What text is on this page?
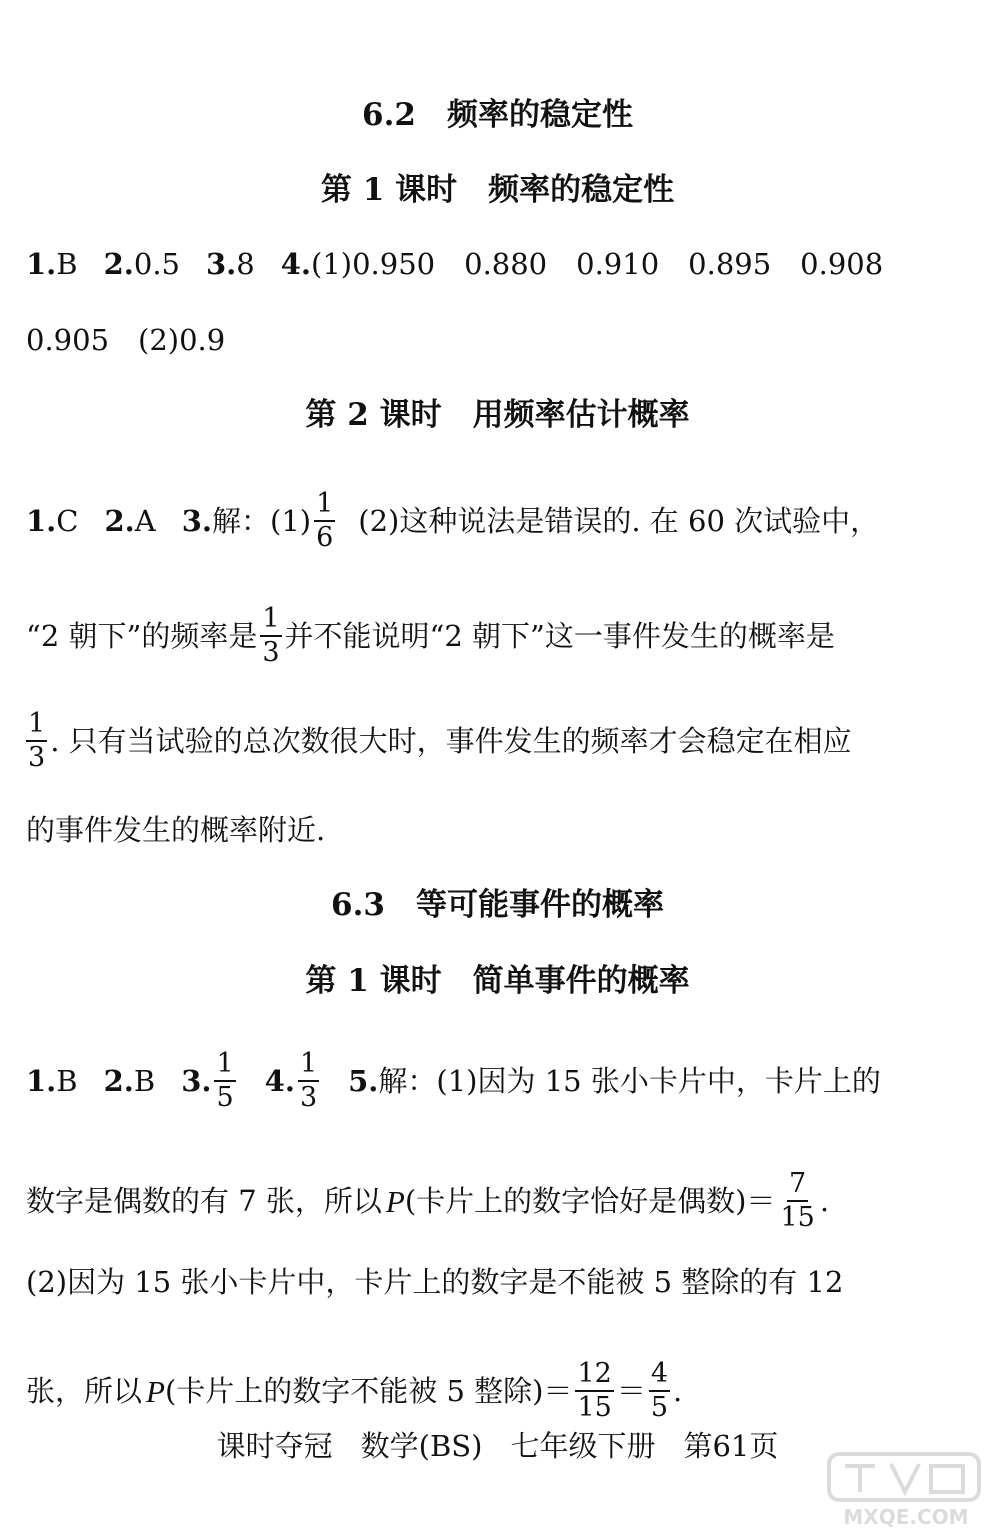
6.2　频率的稳定性
第 1 课时　频率的稳定性
1. B 2. 0.5 3. 8 4. (1)0.950　0.880　0.910　0.895　0.908
0.905　(2)0.9
第 2 课时　用频率估计概率
1. C 2. A 3. 解：$(1) \frac{1}{6} (2)$这种说法是错误的. 在 60 次试验中，
“2 朝下”的频率是 $\frac{1}{3}$ 并不能说明“2 朝下”这一事件发生的概率是
$\frac{1}{3}$ . 只有当试验的总次数很大时，事件发生的频率才会稳定在相应
的事件发生的概率附近.
6.3　等可能事件的概率
第 1 课时　简单事件的概率
1. B 2. B 3. $\frac{1}{5} 4$. $\frac{1}{3} 5$. 解：(1)因为 15 张小卡片中，卡片上的
数字是偶数的有 7 张，所以 P (卡片上的数字恰好是偶数)＝ $\frac{7}{15}$ .
(2)因为 15 张小卡片中，卡片上的数字是不能被 5 整除的有 12
张，所以 P (卡片上的数字不能被 5 整除)＝ $\frac{12}{15} = \frac{4}{5}$ .
课时夺冠 数学(BS) 七年级下册 第61页
MXQE.COM
